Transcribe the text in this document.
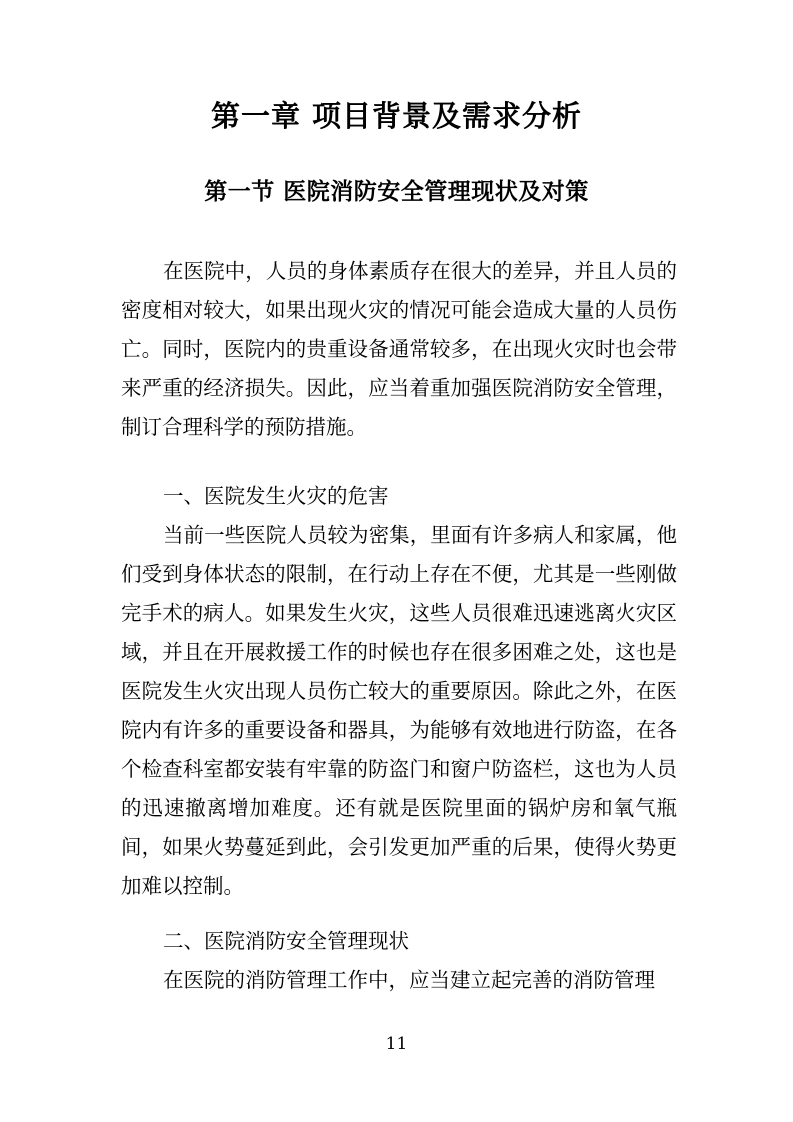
第一章 项目背景及需求分析
第一节 医院消防安全管理现状及对策

在医院中，人员的身体素质存在很大的差异，并且人员的密度相对较大，如果出现火灾的情况可能会造成大量的人员伤亡。同时，医院内的贵重设备通常较多，在出现火灾时也会带来严重的经济损失。因此，应当着重加强医院消防安全管理，制订合理科学的预防措施。

一、医院发生火灾的危害

当前一些医院人员较为密集，里面有许多病人和家属，他们受到身体状态的限制，在行动上存在不便，尤其是一些刚做完手术的病人。如果发生火灾，这些人员很难迅速逃离火灾区域，并且在开展救援工作的时候也存在很多困难之处，这也是医院发生火灾出现人员伤亡较大的重要原因。除此之外，在医院内有许多的重要设备和器具，为能够有效地进行防盗，在各个检查科室都安装有牢靠的防盗门和窗户防盗栏，这也为人员的迅速撤离增加难度。还有就是医院里面的锅炉房和氧气瓶间，如果火势蔓延到此，会引发更加严重的后果，使得火势更加难以控制。

二、医院消防安全管理现状

在医院的消防管理工作中，应当建立起完善的消防管理

11
